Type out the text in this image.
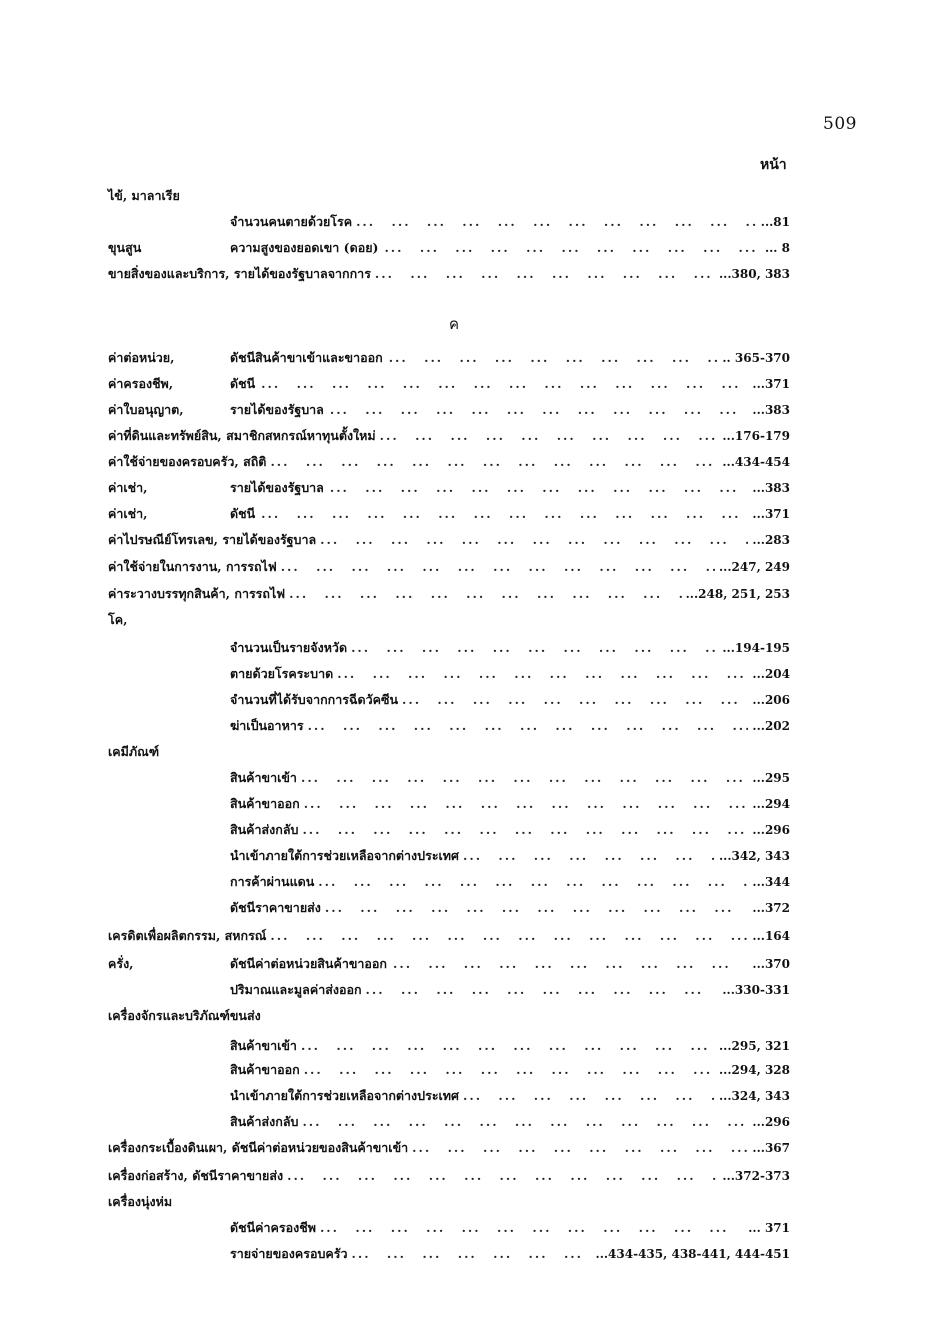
509
หน้า
ค
ไข้, มาลาเรีย
จำนวนคนตายด้วยโรค ... .	...81
ขุนสูน	ความสูงของยอดเขา (ดอย) ... .	... 8
ขายสิ่งของและบริการ, รายได้ของรัฐบาลจากการ ... .	...380, 383
ค่าต่อหน่วย,	ดัชนีสินค้าขาเข้าและขาออก ... .	.. 365-370
ค่าครองชีพ,	ดัชนี ... .	...371
ค่าใบอนุญาต,	รายได้ของรัฐบาล ... .	...383
ค่าที่ดินและทรัพย์สิน, สมาชิกสหกรณ์หาทุนตั้งใหม่ ... .	...176-179
ค่าใช้จ่ายของครอบครัว, สถิติ ... .	...434-454
ค่าเช่า,	รายได้ของรัฐบาล ... .	...383
ค่าเช่า,	ดัชนี ... .	...371
ค่าไปรษณีย์โทรเลข, รายได้ของรัฐบาล ... .	...283
ค่าใช้จ่ายในการงาน, การรถไฟ ... .	...247, 249
ค่าระวางบรรทุกสินค้า, การรถไฟ ... .	...248, 251, 253
โค,
จำนวนเป็นรายจังหวัด ... .	...194-195
ตายด้วยโรคระบาด ... .	...204
จำนวนที่ได้รับจากการฉีดวัคซีน ... .	...206
ฆ่าเป็นอาหาร ... .	...202
เคมีภัณฑ์
สินค้าขาเข้า ... .	...295
สินค้าขาออก ... .	...294
สินค้าส่งกลับ ... .	...296
นำเข้าภายใต้การช่วยเหลือจากต่างประเทศ ... .	...342, 343
การค้าผ่านแดน ... .	...344
ดัชนีราคาขายส่ง ... .	...372
เครดิตเพื่อผลิตกรรม, สหกรณ์ ... .	...164
ครั่ง,	ดัชนีค่าต่อหน่วยสินค้าขาออก ... .	...370
ปริมาณและมูลค่าส่งออก ... .	...330-331
เครื่องจักรและบริภัณฑ์ขนส่ง
สินค้าขาเข้า ... .	...295, 321
สินค้าขาออก ... .	...294, 328
นำเข้าภายใต้การช่วยเหลือจากต่างประเทศ ... .	...324, 343
สินค้าส่งกลับ ... .	...296
เครื่องกระเบื้องดินเผา, ดัชนีค่าต่อหน่วยของสินค้าขาเข้า ... .	...367
เครื่องก่อสร้าง, ดัชนีราคาขายส่ง ... .	...372-373
เครื่องนุ่งห่ม
ดัชนีค่าครองชีพ ... .	... 371
รายจ่ายของครอบครัว ... .	...434-435, 438-441, 444-451
